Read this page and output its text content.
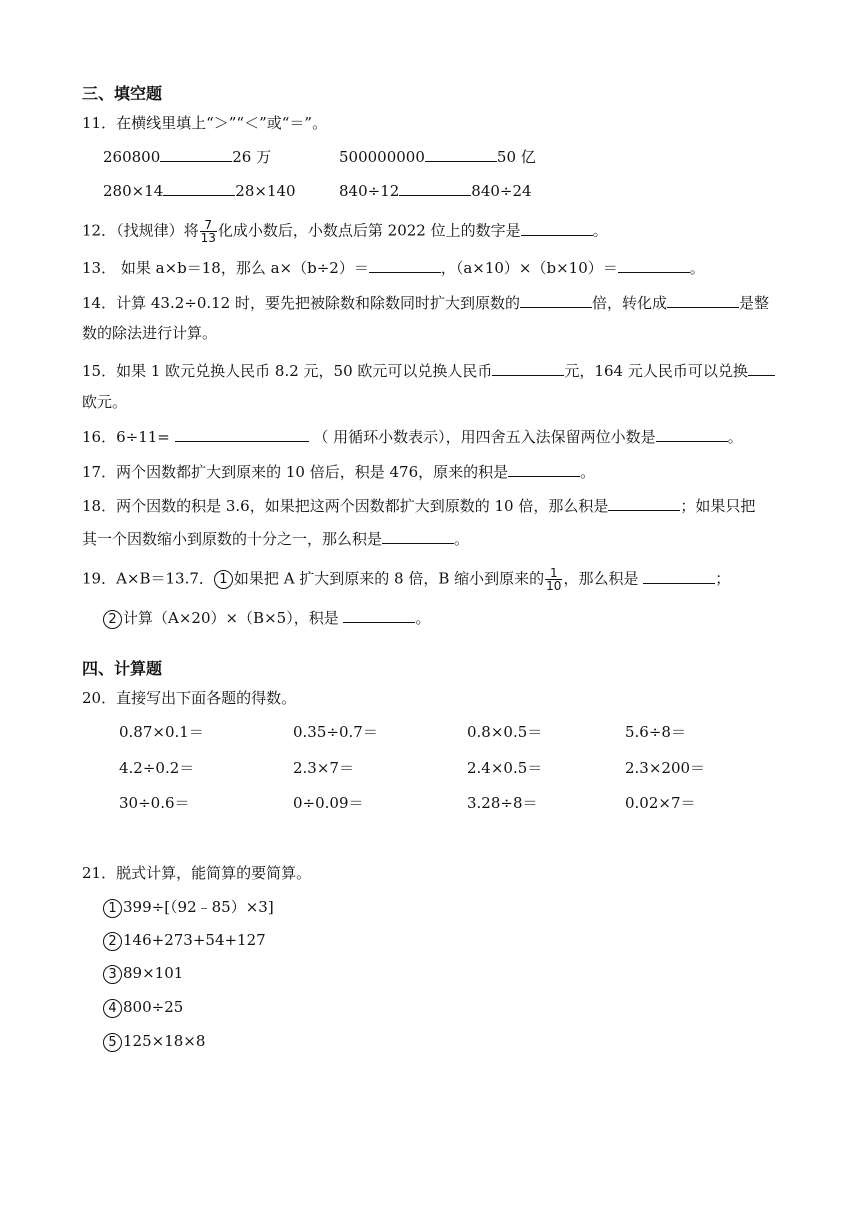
三、填空题
11．在横线里填上“＞”“＜”或“＝”。
260800	26 万	500000000	50 亿
280×14	28×140	840÷12	840÷24
12．（找规律）将 $\frac{7}{13}$ 化成小数后，小数点后第 2022 位上的数字是	。
13． 如果 a×b＝18，那么 a×（b÷2）＝	，（a×10）×（b×10）＝	。
14．计算 43.2÷0.12 时，要先把被除数和除数同时扩大到原数的	倍，转化成	是整
数的除法进行计算。
15．如果 1 欧元兑换人民币 8.2 元，50 欧元可以兑换人民币	元，164 元人民币可以兑换
欧元。
16．6÷11=	（ 用循环小数表示），用四舍五入法保留两位小数是	。
17．两个因数都扩大到原来的 10 倍后，积是 476，原来的积是	。
18．两个因数的积是 3.6，如果把这两个因数都扩大到原数的 10 倍，那么积是	；如果只把
其一个因数缩小到原数的十分之一，那么积是	。
19．A×B＝13.7． 1 如果把 A 扩大到原来的 8 倍，B 缩小到原来的 $\frac{1}{10}$ ，那么积是	；
2 计算（A×20）×（B×5），积是	。
四、计算题
20．直接写出下面各题的得数。
0.87×0.1＝	0.35÷0.7＝	0.8×0.5＝	5.6÷8＝
4.2÷0.2＝	2.3×7＝	2.4×0.5＝	2.3×200＝
30÷0.6＝	0÷0.09＝	3.28÷8＝	0.02×7＝
21．脱式计算，能简算的要简算。
1 399÷[（92﹣85）×3]
2 146+273+54+127
3 89×101
4 800÷25
5 125×18×8
